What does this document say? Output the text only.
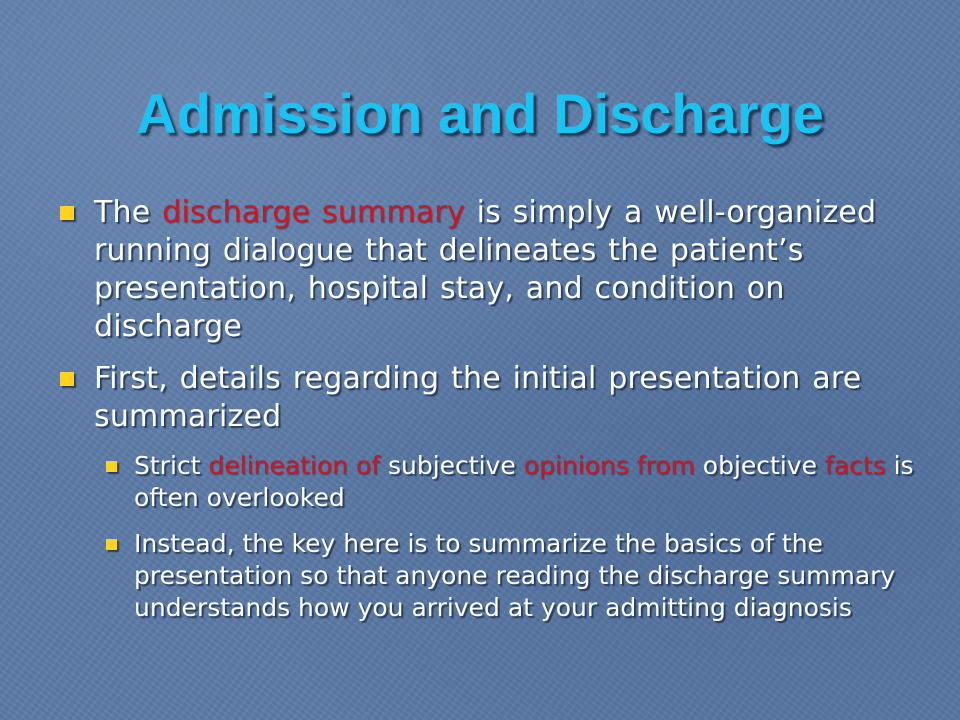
Admission and Discharge
The discharge summary is simply a well-organized running dialogue that delineates the patient’s presentation, hospital stay, and condition on discharge
First, details regarding the initial presentation are summarized
Strict delineation of subjective opinions from objective facts is often overlooked
Instead, the key here is to summarize the basics of the presentation so that anyone reading the discharge summary understands how you arrived at your admitting diagnosis
